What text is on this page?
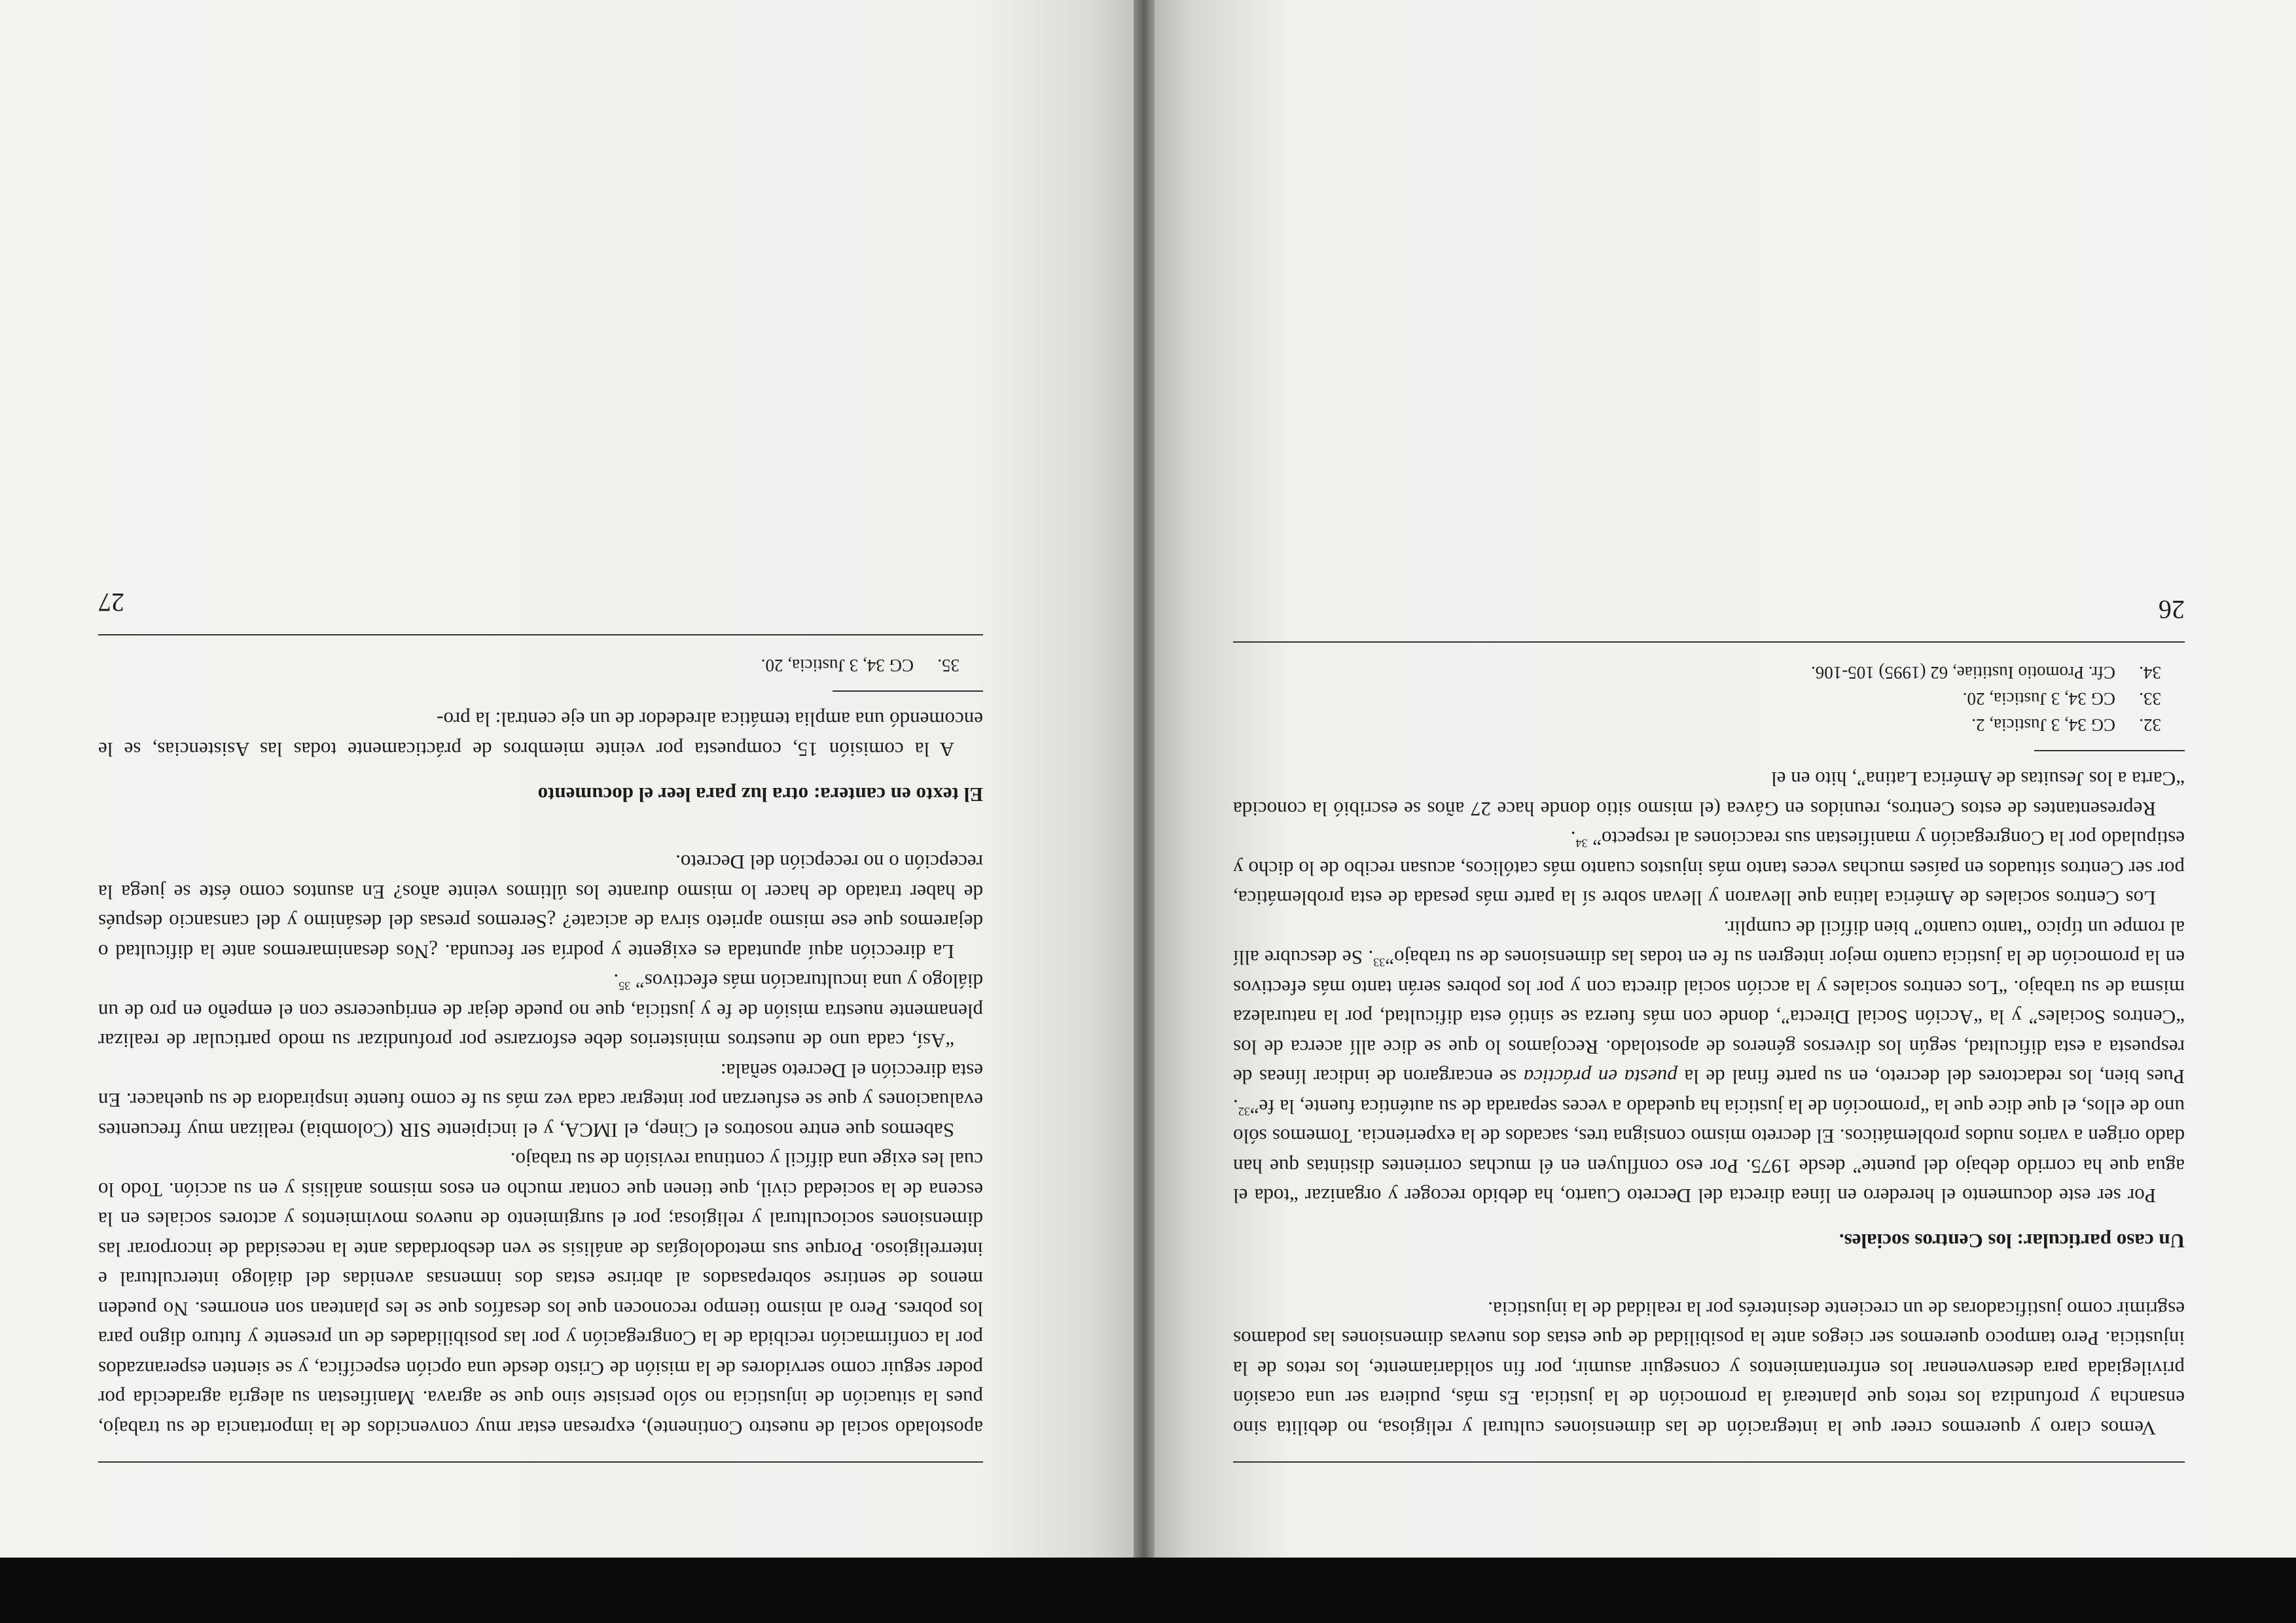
Vemos claro y queremos creer que la integración de las dimensiones cultural y religiosa, no debilita sino ensancha y profundiza los retos que planteará la promoción de la justicia. Es más, pudiera ser una ocasión privilegiada para desenvenenar los enfrentamientos y conseguir asumir, por fin solidariamente, los retos de la injusticia. Pero tampoco queremos ser ciegos ante la posibilidad de que estas dos nuevas dimensiones las podamos esgrimir como justificadoras de un creciente desinterés por la realidad de la injusticia.

Un caso particular: los Centros sociales.

Por ser este documento el heredero en línea directa del Decreto Cuarto, ha debido recoger y organizar “toda el agua que ha corrido debajo del puente” desde 1975. Por eso confluyen en él muchas corrientes distintas que han dado origen a varios nudos problemáticos. El decreto mismo consigna tres, sacados de la experiencia. Tomemos sólo uno de ellos, el que dice que la “promoción de la justicia ha quedado a veces separada de su auténtica fuente, la fe”$^{32}$. Pues bien, los redactores del decreto, en su parte final de la puesta en práctica se encargaron de indicar líneas de respuesta a esta dificultad, según los diversos géneros de apostolado. Recojamos lo que se dice allí acerca de los “Centros Sociales” y la “Acción Social Directa”, donde con más fuerza se sintió esta dificultad, por la naturaleza misma de su trabajo. “Los centros sociales y la acción social directa con y por los pobres serán tanto más efectivos en la promoción de la justicia cuanto mejor integren su fe en todas las dimensiones de su trabajo”$^{33}$. Se descubre allí al rompe un típico “tanto cuanto” bien difícil de cumplir.

Los Centros sociales de América latina que llevaron y llevan sobre sí la parte más pesada de esta problemática, por ser Centros situados en países muchas veces tanto más injustos cuanto más católicos, acusan recibo de lo dicho y estipulado por la Congregación y manifiestan sus reacciones al respecto” $^{34}$.

Representantes de estos Centros, reunidos en Gávea (el mismo sitio donde hace 27 años se escribió la conocida “Carta a los Jesuitas de América Latina”, hito en el

32.CG 34, 3 Justicia, 2.
33.CG 34, 3 Justicia, 20.
34.Cfr. Promotio Iustitiae, 62 (1995) 105-106.
26

apostolado social de nuestro Continente), expresan estar muy convencidos de la importancia de su trabajo, pues la situación de injusticia no sólo persiste sino que se agrava. Manifiestan su alegría agradecida por poder seguir como servidores de la misión de Cristo desde una opción específica, y se sienten esperanzados por la confirmación recibida de la Congregación y por las posibilidades de un presente y futuro digno para los pobres. Pero al mismo tiempo reconocen que los desafíos que se les plantean son enormes. No pueden menos de sentirse sobrepasados al abrirse estas dos inmensas avenidas del diálogo intercultural e interreligioso. Porque sus metodologías de análisis se ven desbordadas ante la necesidad de incorporar las dimensiones sociocultural y religiosa; por el surgimiento de nuevos movimientos y actores sociales en la escena de la sociedad civil, que tienen que contar mucho en esos mismos análisis y en su acción. Todo lo cual les exige una difícil y continua revisión de su trabajo.

Sabemos que entre nosotros el Cinep, el IMCA, y el incipiente SIR (Colombia) realizan muy frecuentes evaluaciones y que se esfuerzan por integrar cada vez más su fe como fuente inspiradora de su quehacer. En esta dirección el Decreto señala:

“Así, cada uno de nuestros ministerios debe esforzarse por profundizar su modo particular de realizar plenamente nuestra misión de fe y justicia, que no puede dejar de enriquecerse con el empeño en pro de un diálogo y una inculturación más efectivos” $^{35}$.

La dirección aquí apuntada es exigente y podría ser fecunda. ¿Nos desanimaremos ante la dificultad o dejaremos que ese mismo aprieto sirva de acicate? ¿Seremos presas del desánimo y del cansancio después de haber tratado de hacer lo mismo durante los últimos veinte años? En asuntos como éste se juega la recepción o no recepción del Decreto.

El texto en cantera: otra luz para leer el documento

A la comisión 15, compuesta por veinte miembros de prácticamente todas las Asistencias, se le encomendó una amplia temática alrededor de un eje central: la pro-

35.CG 34, 3 Justicia, 20.
27
